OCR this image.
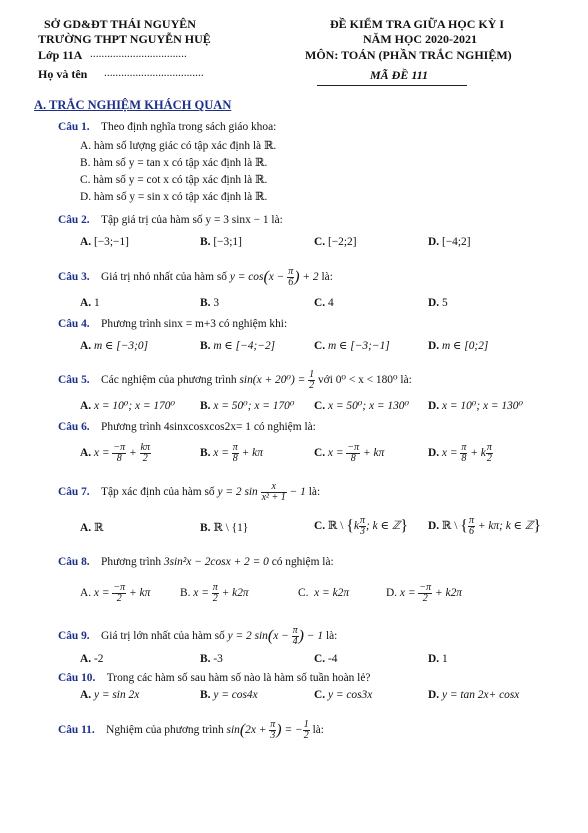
SỞ GD&ĐT THÁI NGUYÊN
TRƯỜNG THPT NGUYỄN HUỆ
Lớp 11A ..................................
Họ và tên ...................................
ĐỀ KIỂM TRA GIỮA HỌC KỲ I
NĂM HỌC 2020-2021
MÔN: TOÁN (PHẦN TRẮC NGHIỆM)
MÃ ĐỀ 111
A. TRẮC NGHIỆM KHÁCH QUAN
Câu 1. Theo định nghĩa trong sách giáo khoa:
A. hàm số lượng giác có tập xác định là ℝ.
B. hàm số y = tan x có tập xác định là ℝ.
C. hàm số y = cot x có tập xác định là ℝ.
D. hàm số y = sin x có tập xác định là ℝ.
Câu 2. Tập giá trị của hàm số y = 3 sinx − 1 là:
A. [−3;−1]	B. [−3;1]	C. [−2;2]	D. [−4;2]
Câu 3. Giá trị nhỏ nhất của hàm số $y = \cos(x - \frac{\pi}{6}$ ) + 2 là:
A. 1	B. 3	C. 4	D. 5
Câu 4. Phương trình sinx = m+3 có nghiệm khi:
A. m ∈ [−3;0]	B. m ∈ [−4;−2]	C. m ∈ [−3;−1]	D. m ∈ [0;2]
Câu 5. Các nghiệm của phương trình $\sin(x + 20^0) = \frac{1}{2}$ với 0⁰ < x < 180⁰ là:
A. x = 10⁰; x = 170⁰ B. x = 50⁰; x = 170⁰ C. x = 50⁰; x = 130⁰ D. x = 10⁰; x = 130⁰
Câu 6. Phương trình 4sinxcosxcos2x= 1 có nghiệm là:
A. $x = \frac{-\pi}{8} + \frac{k\pi}{2}$	B. $x = \frac{\pi}{8} + k\pi$	C. $x = \frac{-\pi}{8} + k\pi$	D. $x = \frac{\pi}{8} + k \frac{\pi}{2}$
Câu 7. Tập xác định của hàm số y = 2 $\sin \frac{x}{\text{x² + 1}} - 1$ là:
A. ℝ	B. ℝ \ {1}	C. ℝ \ {$k \frac{\pi}{3}$ ; k ∈ ℤ} D. ℝ \ { $\frac{\pi}{6} + k\pi$; k ∈ ℤ}
Câu 8. Phương trình 3sin²x − 2cosx + 2 = 0 có nghiệm là:
A. $x = \frac{-\pi}{2} + k\pi$	B. $x = \frac{\pi}{2} + k2\pi$	C.  x = k2π	D. $x = \frac{-\pi}{2} + k2\pi$
Câu 9. Giá trị lớn nhất của hàm số y = 2 $\sin(x - \frac{\pi}{4}$ ) − 1 là:
A. -2	B. -3	C. -4	D. 1
Câu 10. Trong các hàm số sau hàm số nào là hàm số tuần hoàn lẻ?
A. y = sin 2x	B. y = cos4x	C. y = cos3x	D. y = tan 2x+ cosx
Câu 11. Nghiệm của phương trình $\sin(2x + \frac{\pi}{3}$ ) = − $\frac{1}{2}$ là:
